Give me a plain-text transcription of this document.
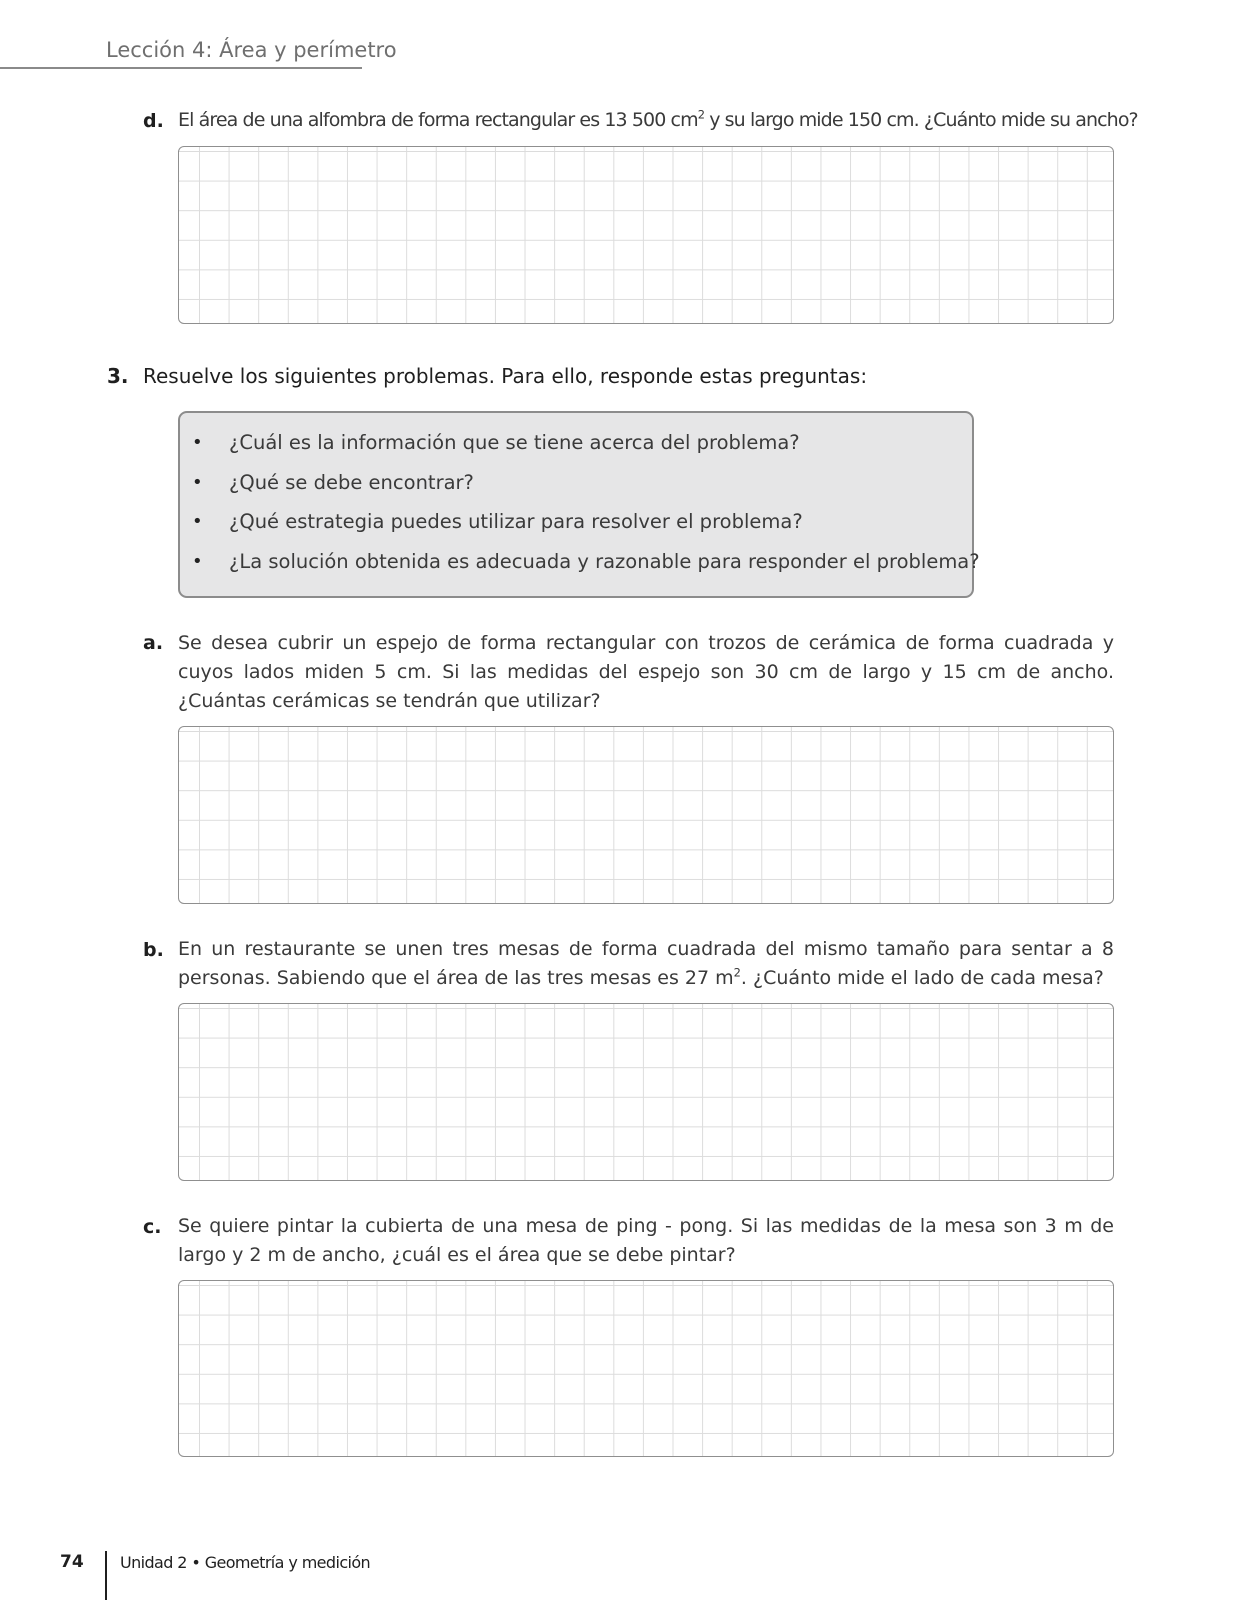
Lección 4: Área y perímetro
d. El área de una alfombra de forma rectangular es 13 500 $cm^2$ y su largo mide 150 cm. ¿Cuánto mide su ancho?
3. Resuelve los siguientes problemas. Para ello, responde estas preguntas:
• ¿Cuál es la información que se tiene acerca del problema?
• ¿Qué se debe encontrar?
• ¿Qué estrategia puedes utilizar para resolver el problema?
• ¿La solución obtenida es adecuada y razonable para responder el problema?
a. Se desea cubrir un espejo de forma rectangular con trozos de cerámica de forma cuadrada y cuyos lados miden 5 cm. Si las medidas del espejo son 30 cm de largo y 15 cm de ancho. ¿Cuántas cerámicas se tendrán que utilizar?
b. En un restaurante se unen tres mesas de forma cuadrada del mismo tamaño para sentar a 8 personas. Sabiendo que el área de las tres mesas es 27 $m^2$. ¿Cuánto mide el lado de cada mesa?
c. Se quiere pintar la cubierta de una mesa de ping - pong. Si las medidas de la mesa son 3 m de largo y 2 m de ancho, ¿cuál es el área que se debe pintar?
74 Unidad 2 • Geometría y medición
